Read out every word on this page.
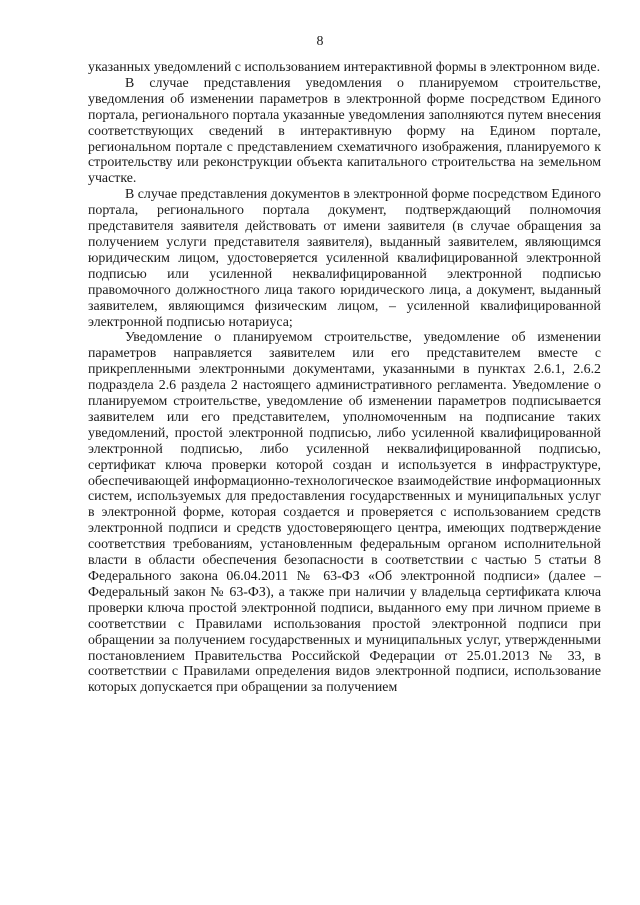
8

указанных уведомлений с использованием интерактивной формы в электронном виде.

В случае представления уведомления о планируемом строительстве, уведомления об изменении параметров в электронной форме посредством Единого портала, регионального портала указанные уведомления заполняются путем внесения соответствующих сведений в интерактивную форму на Едином портале, региональном портале с представлением схематичного изображения, планируемого к строительству или реконструкции объекта капитального строительства на земельном участке.

В случае представления документов в электронной форме посредством Единого портала, регионального портала документ, подтверждающий полномочия представителя заявителя действовать от имени заявителя (в случае обращения за получением услуги представителя заявителя), выданный заявителем, являющимся юридическим лицом, удостоверяется усиленной квалифицированной электронной подписью или усиленной неквалифицированной электронной подписью правомочного должностного лица такого юридического лица, а документ, выданный заявителем, являющимся физическим лицом, – усиленной квалифицированной электронной подписью нотариуса;

Уведомление о планируемом строительстве, уведомление об изменении параметров направляется заявителем или его представителем вместе с прикрепленными электронными документами, указанными в пунктах 2.6.1, 2.6.2 подраздела 2.6 раздела 2 настоящего административного регламента. Уведомление о планируемом строительстве, уведомление об изменении параметров подписывается заявителем или его представителем, уполномоченным на подписание таких уведомлений, простой электронной подписью, либо усиленной квалифицированной электронной подписью, либо усиленной неквалифицированной подписью, сертификат ключа проверки которой создан и используется в инфраструктуре, обеспечивающей информационно-технологическое взаимодействие информационных систем, используемых для предоставления государственных и муниципальных услуг в электронной форме, которая создается и проверяется с использованием средств электронной подписи и средств удостоверяющего центра, имеющих подтверждение соответствия требованиям, установленным федеральным органом исполнительной власти в области обеспечения безопасности в соответствии с частью 5 статьи 8 Федерального закона 06.04.2011 № 63-ФЗ «Об электронной подписи» (далее – Федеральный закон № 63-ФЗ), а также при наличии у владельца сертификата ключа проверки ключа простой электронной подписи, выданного ему при личном приеме в соответствии с Правилами использования простой электронной подписи при обращении за получением государственных и муниципальных услуг, утвержденными постановлением Правительства Российской Федерации от 25.01.2013 № 33, в соответствии с Правилами определения видов электронной подписи, использование которых допускается при обращении за получением
